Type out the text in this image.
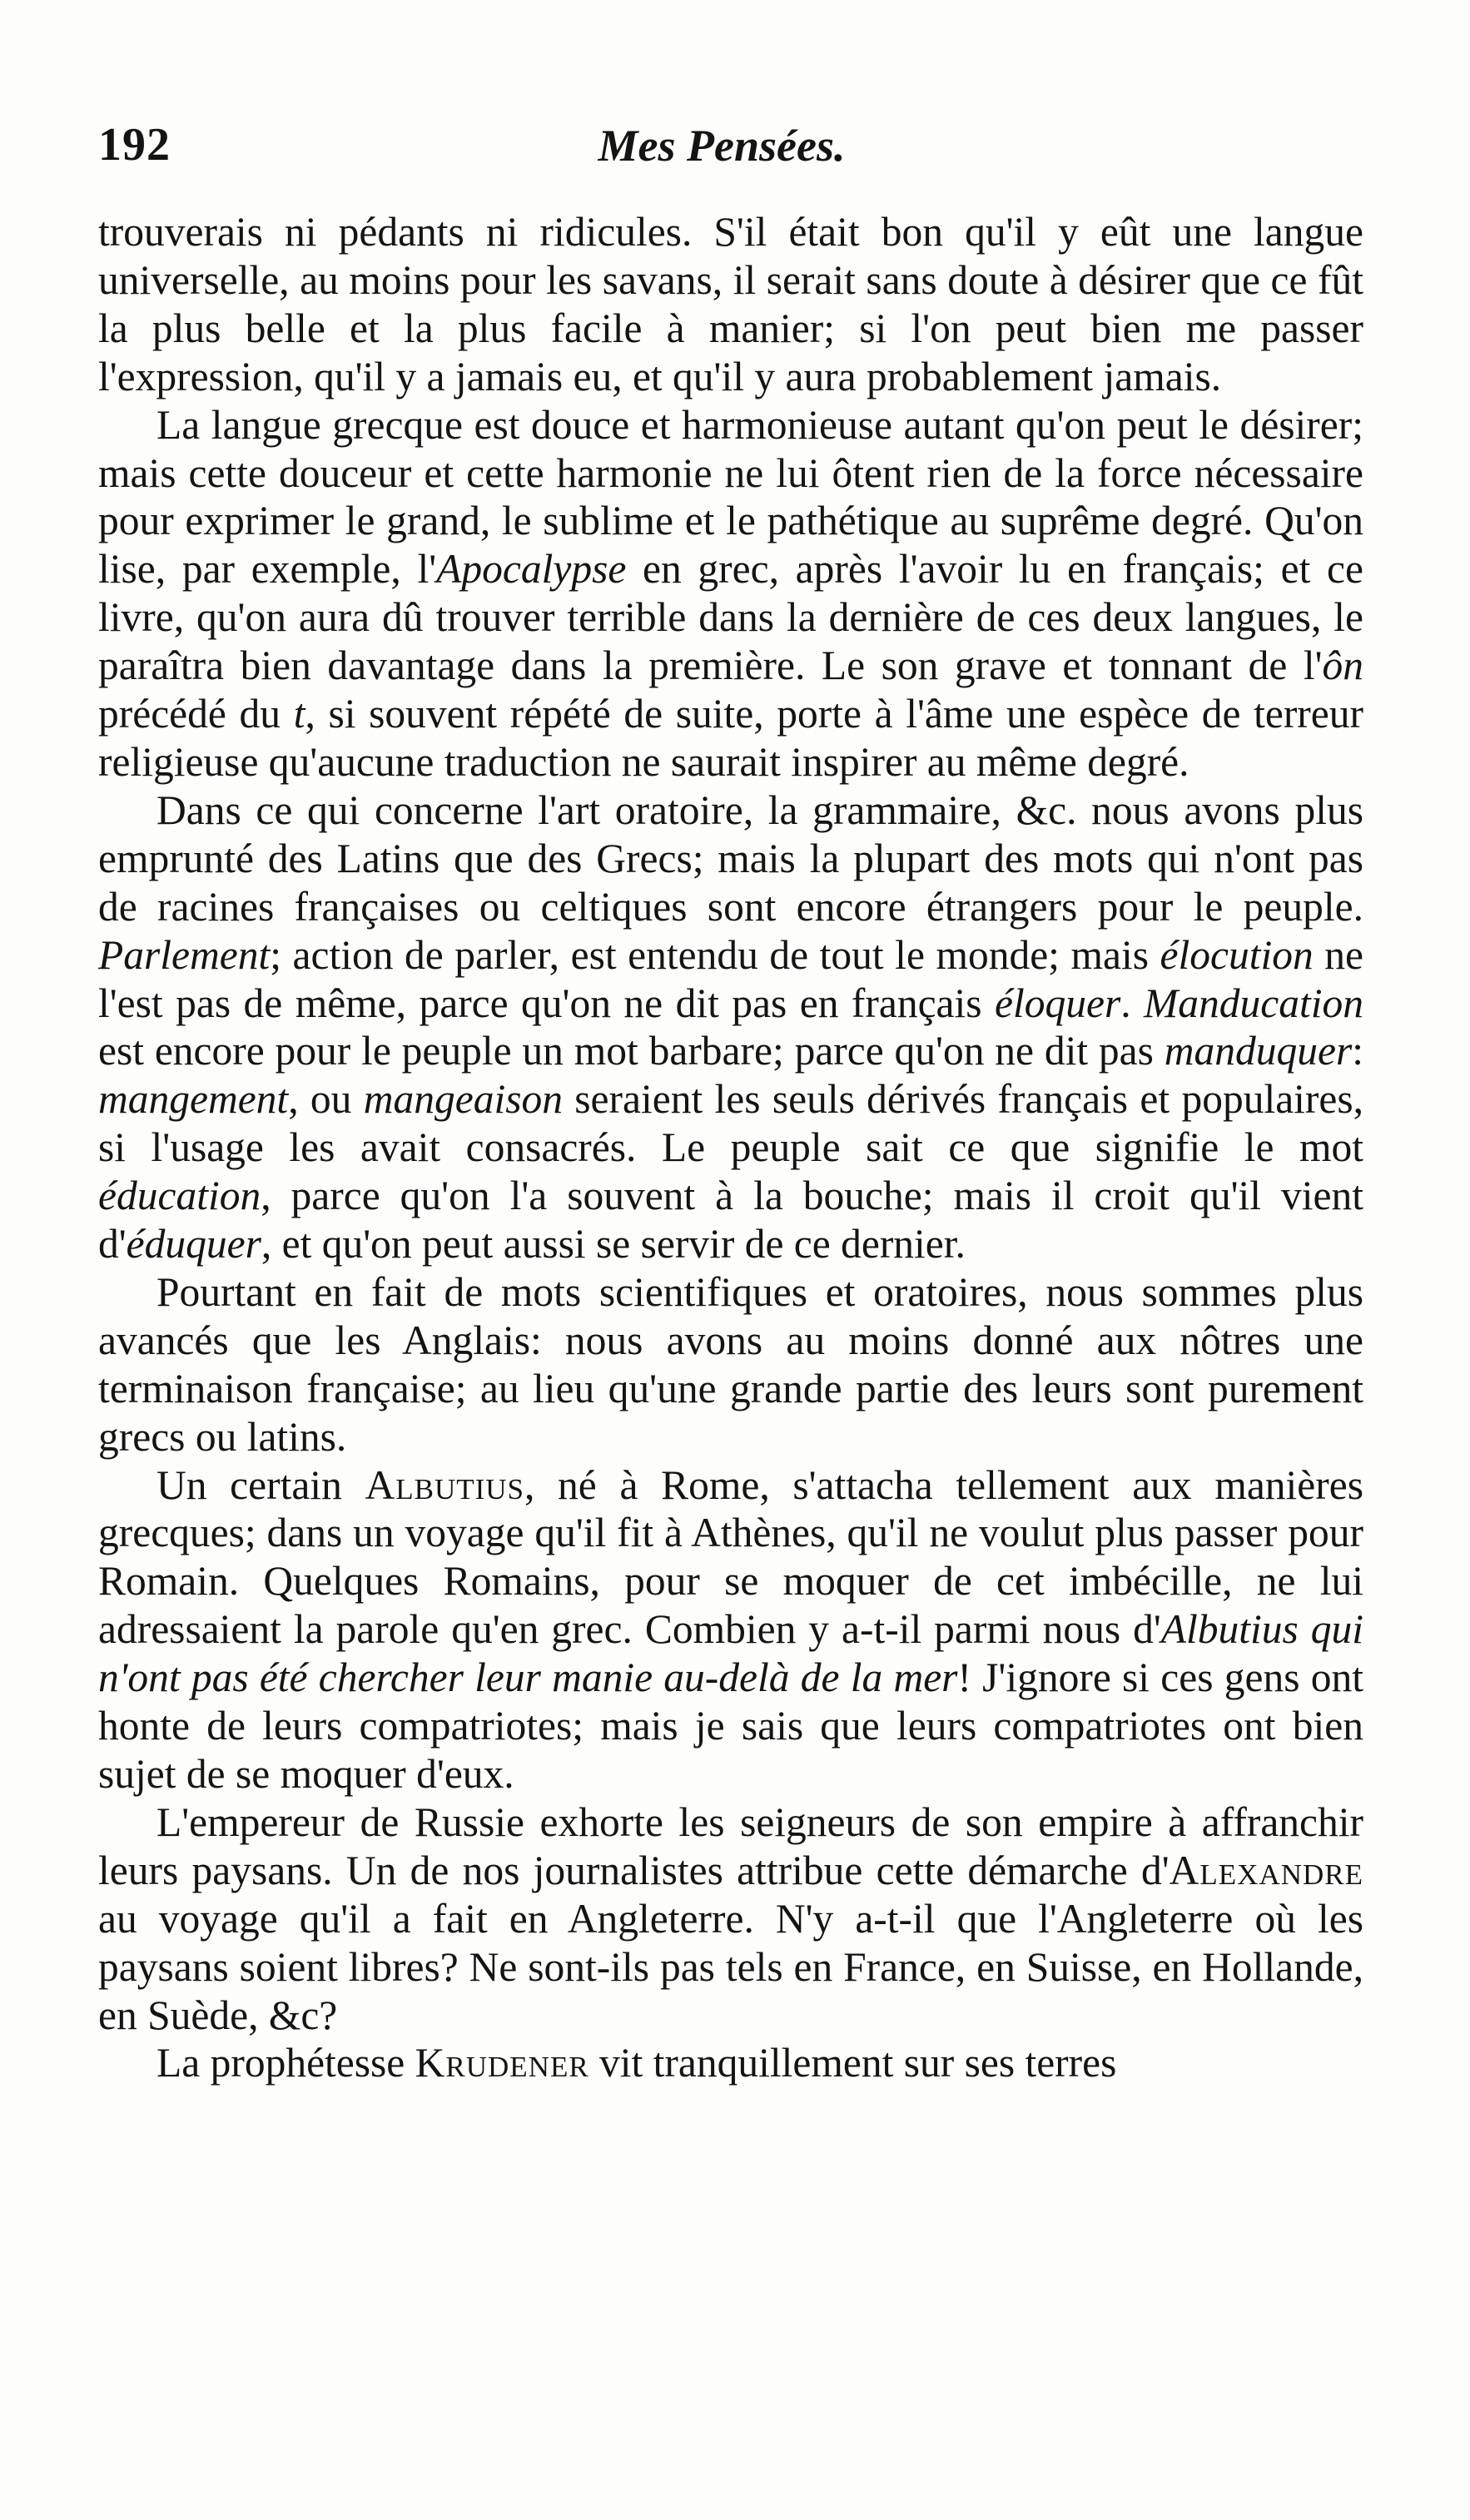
192	Mes Pensées.

trouverais ni pédants ni ridicules. S'il était bon qu'il y eût une langue universelle, au moins pour les savans, il serait sans doute à désirer que ce fût la plus belle et la plus facile à manier; si l'on peut bien me passer l'expression, qu'il y a jamais eu, et qu'il y aura probablement jamais.

La langue grecque est douce et harmonieuse autant qu'on peut le désirer; mais cette douceur et cette harmonie ne lui ôtent rien de la force nécessaire pour exprimer le grand, le sublime et le pathétique au suprême degré. Qu'on lise, par exemple, l'Apocalypse en grec, après l'avoir lu en français; et ce livre, qu'on aura dû trouver terrible dans la dernière de ces deux langues, le paraîtra bien davantage dans la première. Le son grave et tonnant de l'ôn précédé du t, si souvent répété de suite, porte à l'âme une espèce de terreur religieuse qu'aucune traduction ne saurait inspirer au même degré.

Dans ce qui concerne l'art oratoire, la grammaire, &c. nous avons plus emprunté des Latins que des Grecs; mais la plupart des mots qui n'ont pas de racines françaises ou celtiques sont encore étrangers pour le peuple. Parlement; action de parler, est entendu de tout le monde; mais élocution ne l'est pas de même, parce qu'on ne dit pas en français éloquer. Manducation est encore pour le peuple un mot barbare; parce qu'on ne dit pas manduquer: mangement, ou mangeaison seraient les seuls dérivés français et populaires, si l'usage les avait consacrés. Le peuple sait ce que signifie le mot éducation, parce qu'on l'a souvent à la bouche; mais il croit qu'il vient d'éduquer, et qu'on peut aussi se servir de ce dernier.

Pourtant en fait de mots scientifiques et oratoires, nous sommes plus avancés que les Anglais: nous avons au moins donné aux nôtres une terminaison française; au lieu qu'une grande partie des leurs sont purement grecs ou latins.

Un certain Albutius, né à Rome, s'attacha tellement aux manières grecques; dans un voyage qu'il fit à Athènes, qu'il ne voulut plus passer pour Romain. Quelques Romains, pour se moquer de cet imbécille, ne lui adressaient la parole qu'en grec. Combien y a-t-il parmi nous d'Albutius qui n'ont pas été chercher leur manie au-delà de la mer! J'ignore si ces gens ont honte de leurs compatriotes; mais je sais que leurs compatriotes ont bien sujet de se moquer d'eux.

L'empereur de Russie exhorte les seigneurs de son empire à affranchir leurs paysans. Un de nos journalistes attribue cette démarche d'Alexandre au voyage qu'il a fait en Angleterre. N'y a-t-il que l'Angleterre où les paysans soient libres? Ne sont-ils pas tels en France, en Suisse, en Hollande, en Suède, &c?

La prophétesse Krudener vit tranquillement sur ses terres
